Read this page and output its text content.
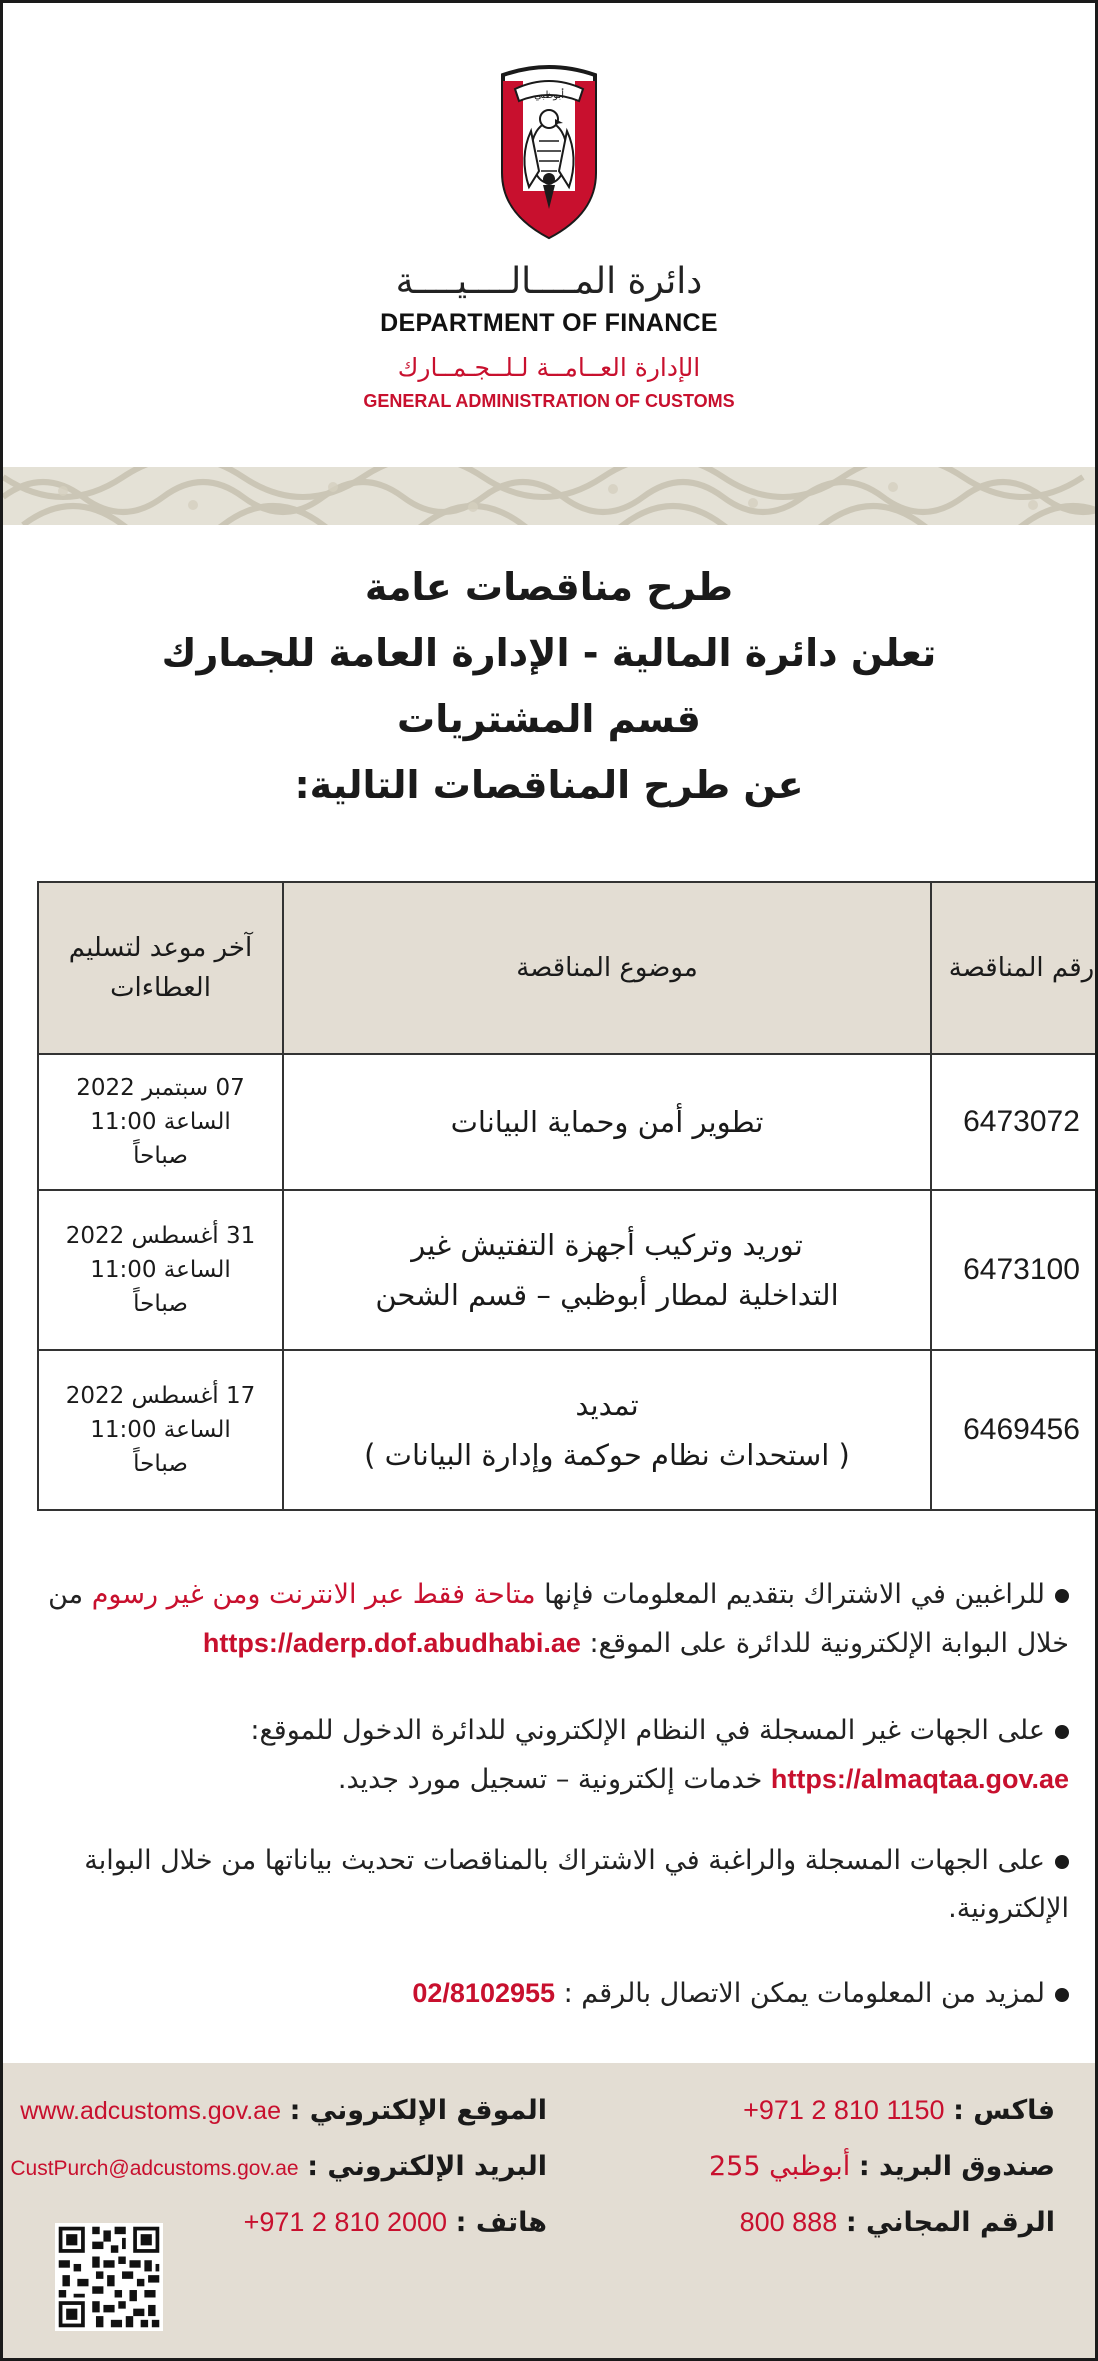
أبوظبي
دائرة المــــالــــيــــة
DEPARTMENT OF FINANCE
الإدارة العــامــة لـلــجـمــارك
GENERAL ADMINISTRATION OF CUSTOMS
طرح مناقصات عامة
تعلن دائرة المالية - الإدارة العامة للجمارك
قسم المشتريات
عن طرح المناقصات التالية:
رقم المناقصة	موضوع المناقصة	آخر موعد لتسليم العطاءات
6473072	تطوير أمن وحماية البيانات	07 سبتمبر 2022
الساعة 11:00
صباحاً

6473100	توريد وتركيب أجهزة التفتيش غير
التداخلية لمطار أبوظبي – قسم الشحن	31 أغسطس 2022
الساعة 11:00
صباحاً

6469456	تمديد
( استحداث نظام حوكمة وإدارة البيانات )	17 أغسطس 2022
الساعة 11:00
صباحاً
للراغبين في الاشتراك بتقديم المعلومات فإنها متاحة فقط عبر الانترنت ومن غير رسوم من خلال البوابة الإلكترونية للدائرة على الموقع: https://aderp.dof.abudhabi.ae
على الجهات غير المسجلة في النظام الإلكتروني للدائرة الدخول للموقع: https://almaqtaa.gov.ae خدمات إلكترونية – تسجيل مورد جديد.
على الجهات المسجلة والراغبة في الاشتراك بالمناقصات تحديث بياناتها من خلال البوابة الإلكترونية.
لمزيد من المعلومات يمكن الاتصال بالرقم : 02/8102955
فاكس : +971 2 810 1150
صندوق البريد : أبوظبي 255
الرقم المجاني : 800 888
الموقع الإلكتروني : www.adcustoms.gov.ae
البريد الإلكتروني : CustPurch@adcustoms.gov.ae
هاتف : +971 2 810 2000
